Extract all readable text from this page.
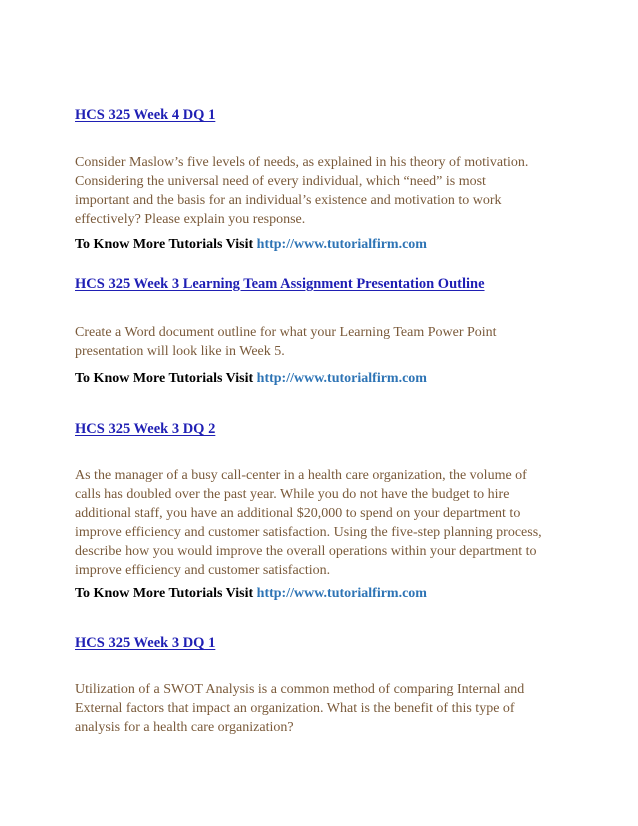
HCS 325 Week 4 DQ 1
Consider Maslow’s five levels of needs, as explained in his theory of motivation.
Considering the universal need of every individual, which “need” is most
important and the basis for an individual’s existence and motivation to work
effectively? Please explain you response.
To Know More Tutorials Visit http://www.tutorialfirm.com
HCS 325 Week 3 Learning Team Assignment Presentation Outline
Create a Word document outline for what your Learning Team Power Point
presentation will look like in Week 5.
To Know More Tutorials Visit http://www.tutorialfirm.com
HCS 325 Week 3 DQ 2
As the manager of a busy call-center in a health care organization, the volume of
calls has doubled over the past year. While you do not have the budget to hire
additional staff, you have an additional $20,000 to spend on your department to
improve efficiency and customer satisfaction. Using the five-step planning process,
describe how you would improve the overall operations within your department to
improve efficiency and customer satisfaction.
To Know More Tutorials Visit http://www.tutorialfirm.com
HCS 325 Week 3 DQ 1
Utilization of a SWOT Analysis is a common method of comparing Internal and
External factors that impact an organization. What is the benefit of this type of
analysis for a health care organization?
